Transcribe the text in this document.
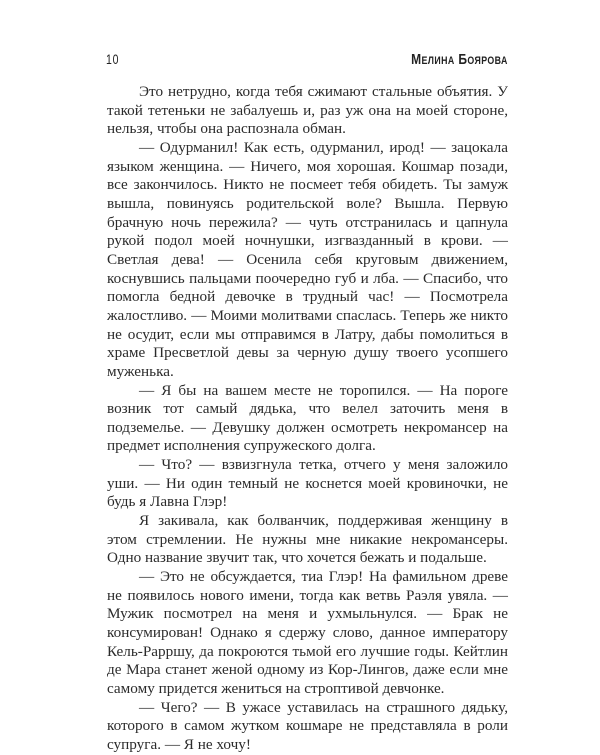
10	Мелина Боярова

Это нетрудно, когда тебя сжимают стальные объятия. У такой тетеньки не забалуешь и, раз уж она на моей стороне, нельзя, чтобы она распознала обман.

— Одурманил! Как есть, одурманил, ирод! — зацокала языком женщина. — Ничего, моя хорошая. Кошмар позади, все закончилось. Никто не посмеет тебя обидеть. Ты замуж вышла, повинуясь родительской воле? Вышла. Первую брачную ночь пережила? — чуть отстранилась и цапнула рукой подол моей ночнушки, изгвазданный в крови. — Светлая дева! — Осенила себя круговым движением, коснувшись пальцами поочередно губ и лба. — Спасибо, что помогла бедной девочке в трудный час! — Посмотрела жалостливо. — Моими молитвами спаслась. Теперь же никто не осудит, если мы отправимся в Латру, дабы помолиться в храме Пресветлой девы за черную душу твоего усопшего муженька.

— Я бы на вашем месте не торопился. — На пороге возник тот самый дядька, что велел заточить меня в подземелье. — Девушку должен осмотреть некромансер на предмет исполнения супружеского долга.

— Что? — взвизгнула тетка, отчего у меня заложило уши. — Ни один темный не коснется моей кровиночки, не будь я Лавна Глэр!

Я закивала, как болванчик, поддерживая женщину в этом стремлении. Не нужны мне никакие некромансеры. Одно название звучит так, что хочется бежать и подальше.

— Это не обсуждается, тиа Глэр! На фамильном древе не появилось нового имени, тогда как ветвь Раэля увяла. — Мужик посмотрел на меня и ухмыльнулся. — Брак не консумирован! Однако я сдержу слово, данное императору Кель-Рарршу, да покроются тьмой его лучшие годы. Кейтлин де Мара станет женой одному из Кор-Лингов, даже если мне самому придется жениться на строптивой девчонке.

— Чего? — В ужасе уставилась на страшного дядьку, которого в самом жутком кошмаре не представляла в роли супруга. — Я не хочу!
